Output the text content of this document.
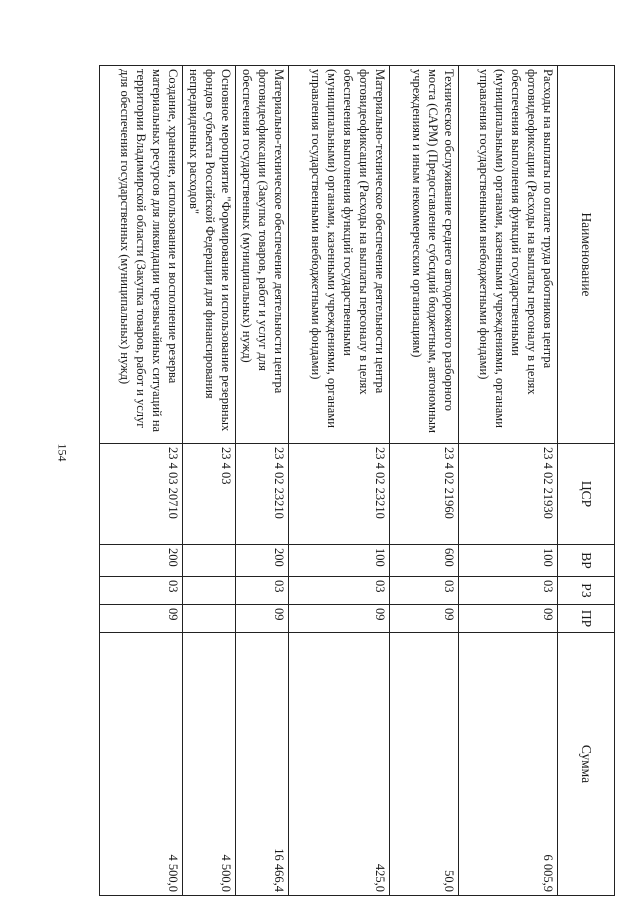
154
Наименование	ЦСР	ВР	РЗ	ПР	Сумма
Расходы на выплаты по оплате труда работников центра фотовидеофиксации (Расходы на выплаты персоналу в целях обеспечения выполнения функций государственными (муниципальными) органами, казенными учреждениями, органами управления государственными внебюджетными фондами)	23 4 02 21930	100	03	09	6 005,9
Техническое обслуживание среднего автодорожного разборного моста (САРМ) (Предоставление субсидий бюджетным, автономным учреждениям и иным некоммерческим организациям)	23 4 02 21960	600	03	09	50,0
Материально-техническое обеспечение деятельности центра фотовидеофиксации (Расходы на выплаты персоналу в целях обеспечения выполнения функций государственными (муниципальными) органами, казенными учреждениями, органами управления государственными внебюджетными фондами)	23 4 02 23210	100	03	09	425,0
Материально-техническое обеспечение деятельности центра фотовидеофиксации (Закупка товаров, работ и услуг для обеспечения государственных (муниципальных) нужд)	23 4 02 23210	200	03	09	16 466,4
Основное мероприятие "Формирование и использование резервных фондов субъекта Российской Федерации для финансирования непредвиденных расходов"	23 4 03				4 500,0
Создание, хранение, использование и восполнение резерва материальных ресурсов для ликвидации чрезвычайных ситуаций на территории Владимирской области (Закупка товаров, работ и услуг для обеспечения государственных (муниципальных) нужд)	23 4 03 20710	200	03	09	4 500,0
